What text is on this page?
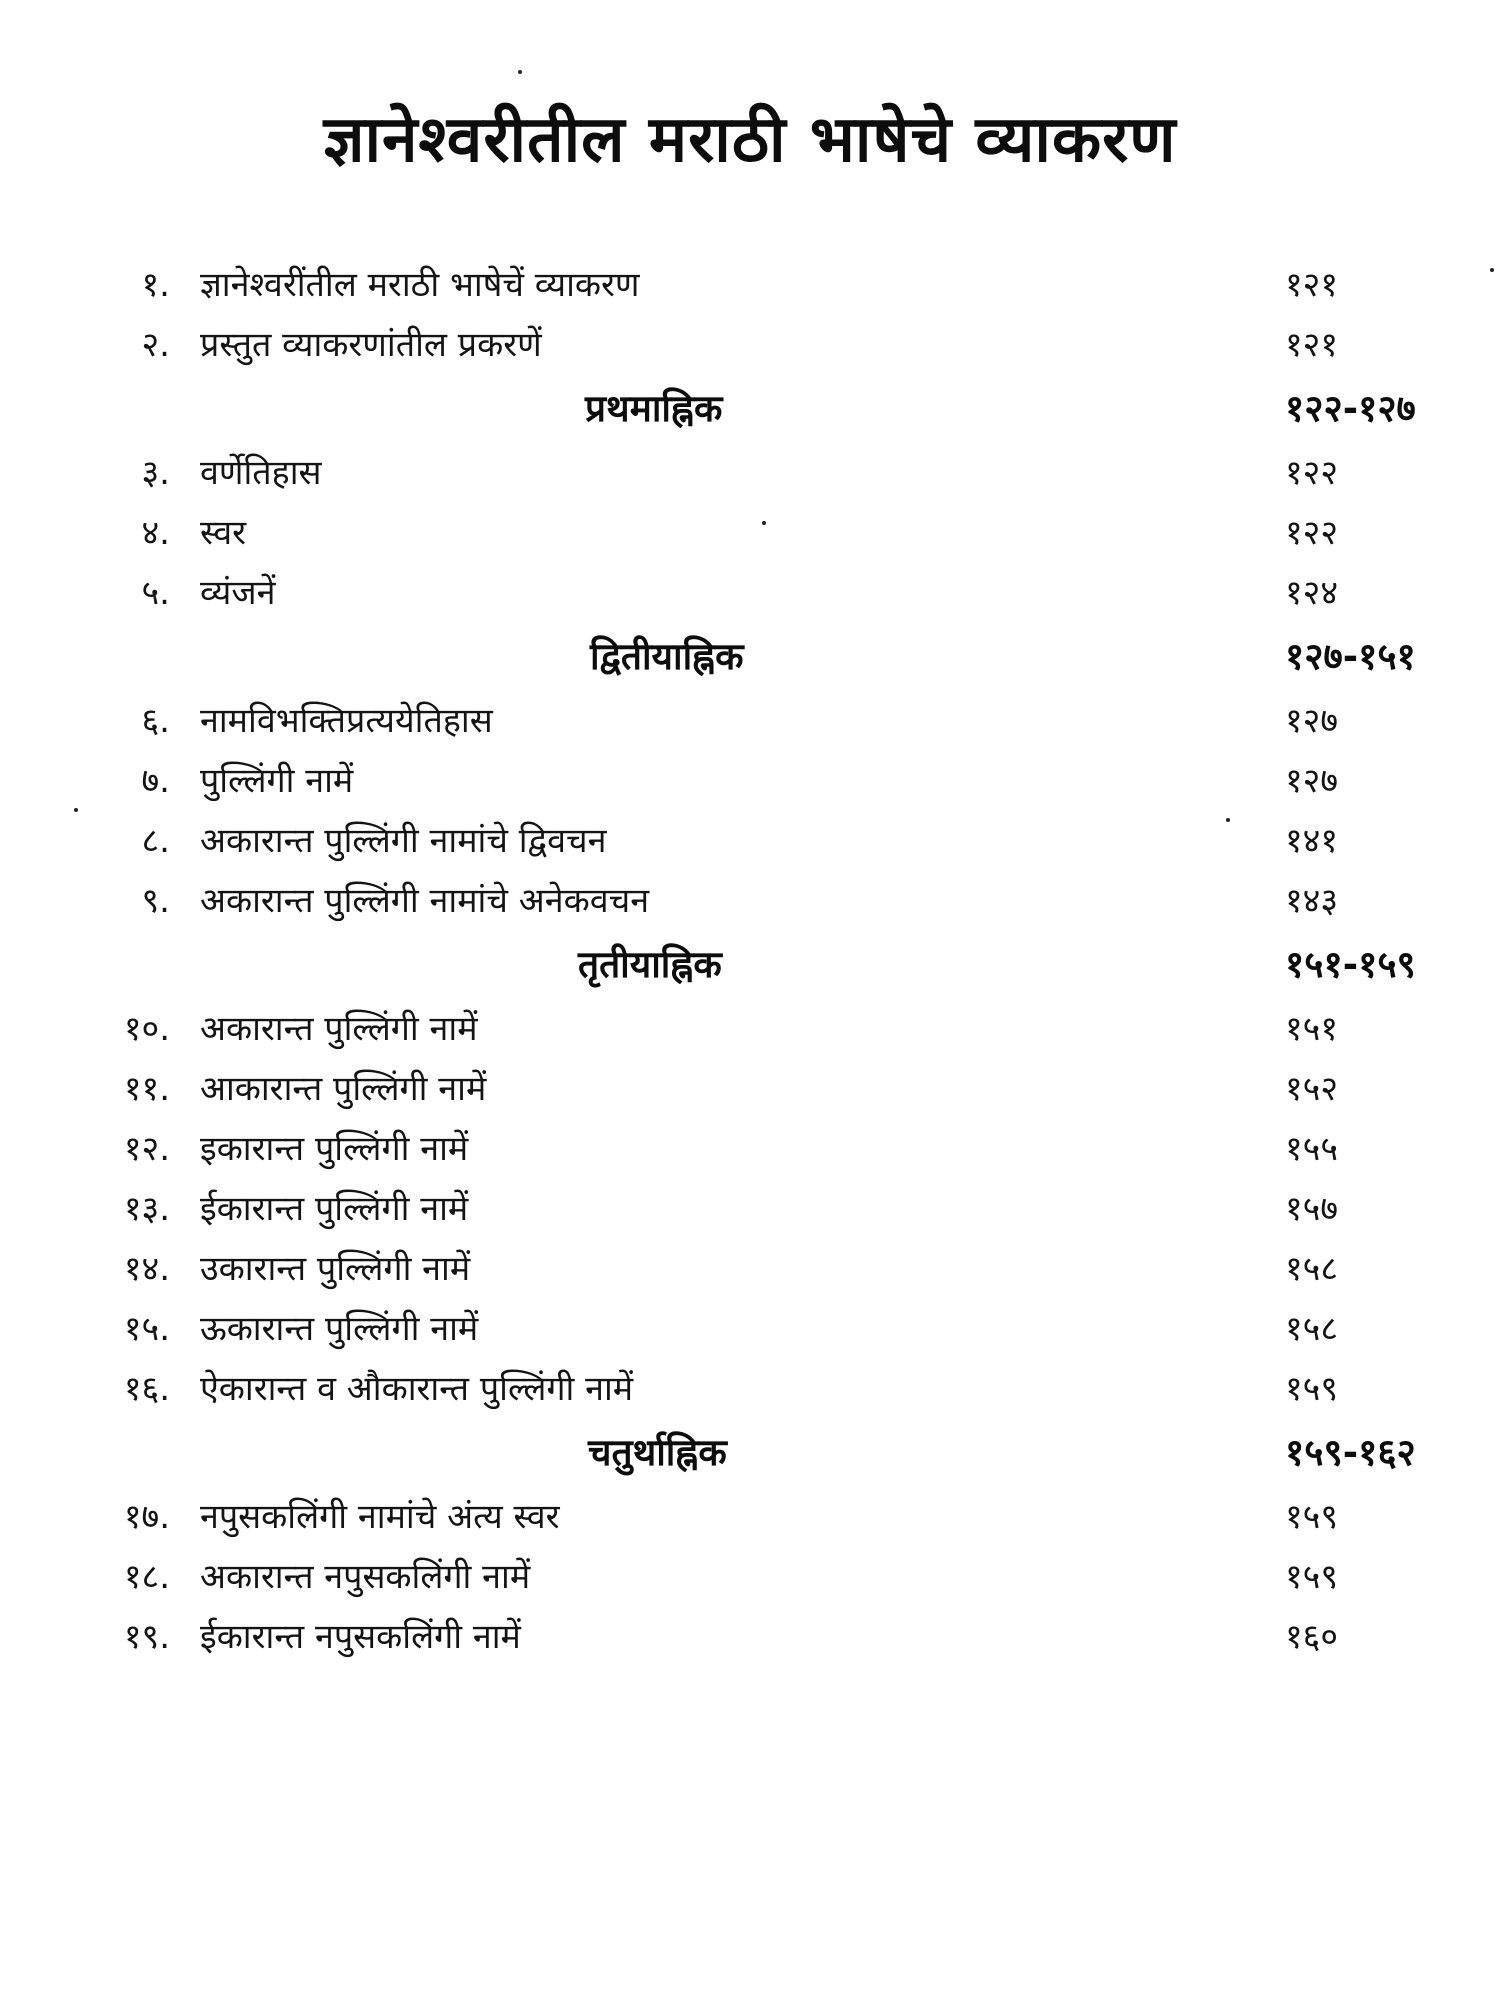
ज्ञानेश्वरीतील मराठी भाषेचे व्याकरण
१. ज्ञानेश्वरींतील मराठी भाषेचें व्याकरण	१२१
२. प्रस्तुत व्याकरणांतील प्रकरणें	१२१
प्रथमाह्निक	१२२-१२७
३. वर्णेतिहास	१२२
४. स्वर	१२२
५. व्यंजनें	१२४
द्वितीयाह्निक	१२७-१५१
६. नामविभक्तिप्रत्ययेतिहास	१२७
७. पुल्लिंगी नामें	१२७
८. अकारान्त पुल्लिंगी नामांचे द्विवचन	१४१
९. अकारान्त पुल्लिंगी नामांचे अनेकवचन	१४३
तृतीयाह्निक	१५१-१५९
१०. अकारान्त पुल्लिंगी नामें	१५१
११. आकारान्त पुल्लिंगी नामें	१५२
१२. इकारान्त पुल्लिंगी नामें	१५५
१३. ईकारान्त पुल्लिंगी नामें	१५७
१४. उकारान्त पुल्लिंगी नामें	१५८
१५. ऊकारान्त पुल्लिंगी नामें	१५८
१६. ऐकारान्त व औकारान्त पुल्लिंगी नामें	१५९
चतुर्थाह्निक	१५९-१६२
१७. नपुसकलिंगी नामांचे अंत्य स्वर	१५९
१८. अकारान्त नपुसकलिंगी नामें	१५९
१९. ईकारान्त नपुसकलिंगी नामें	१६०
